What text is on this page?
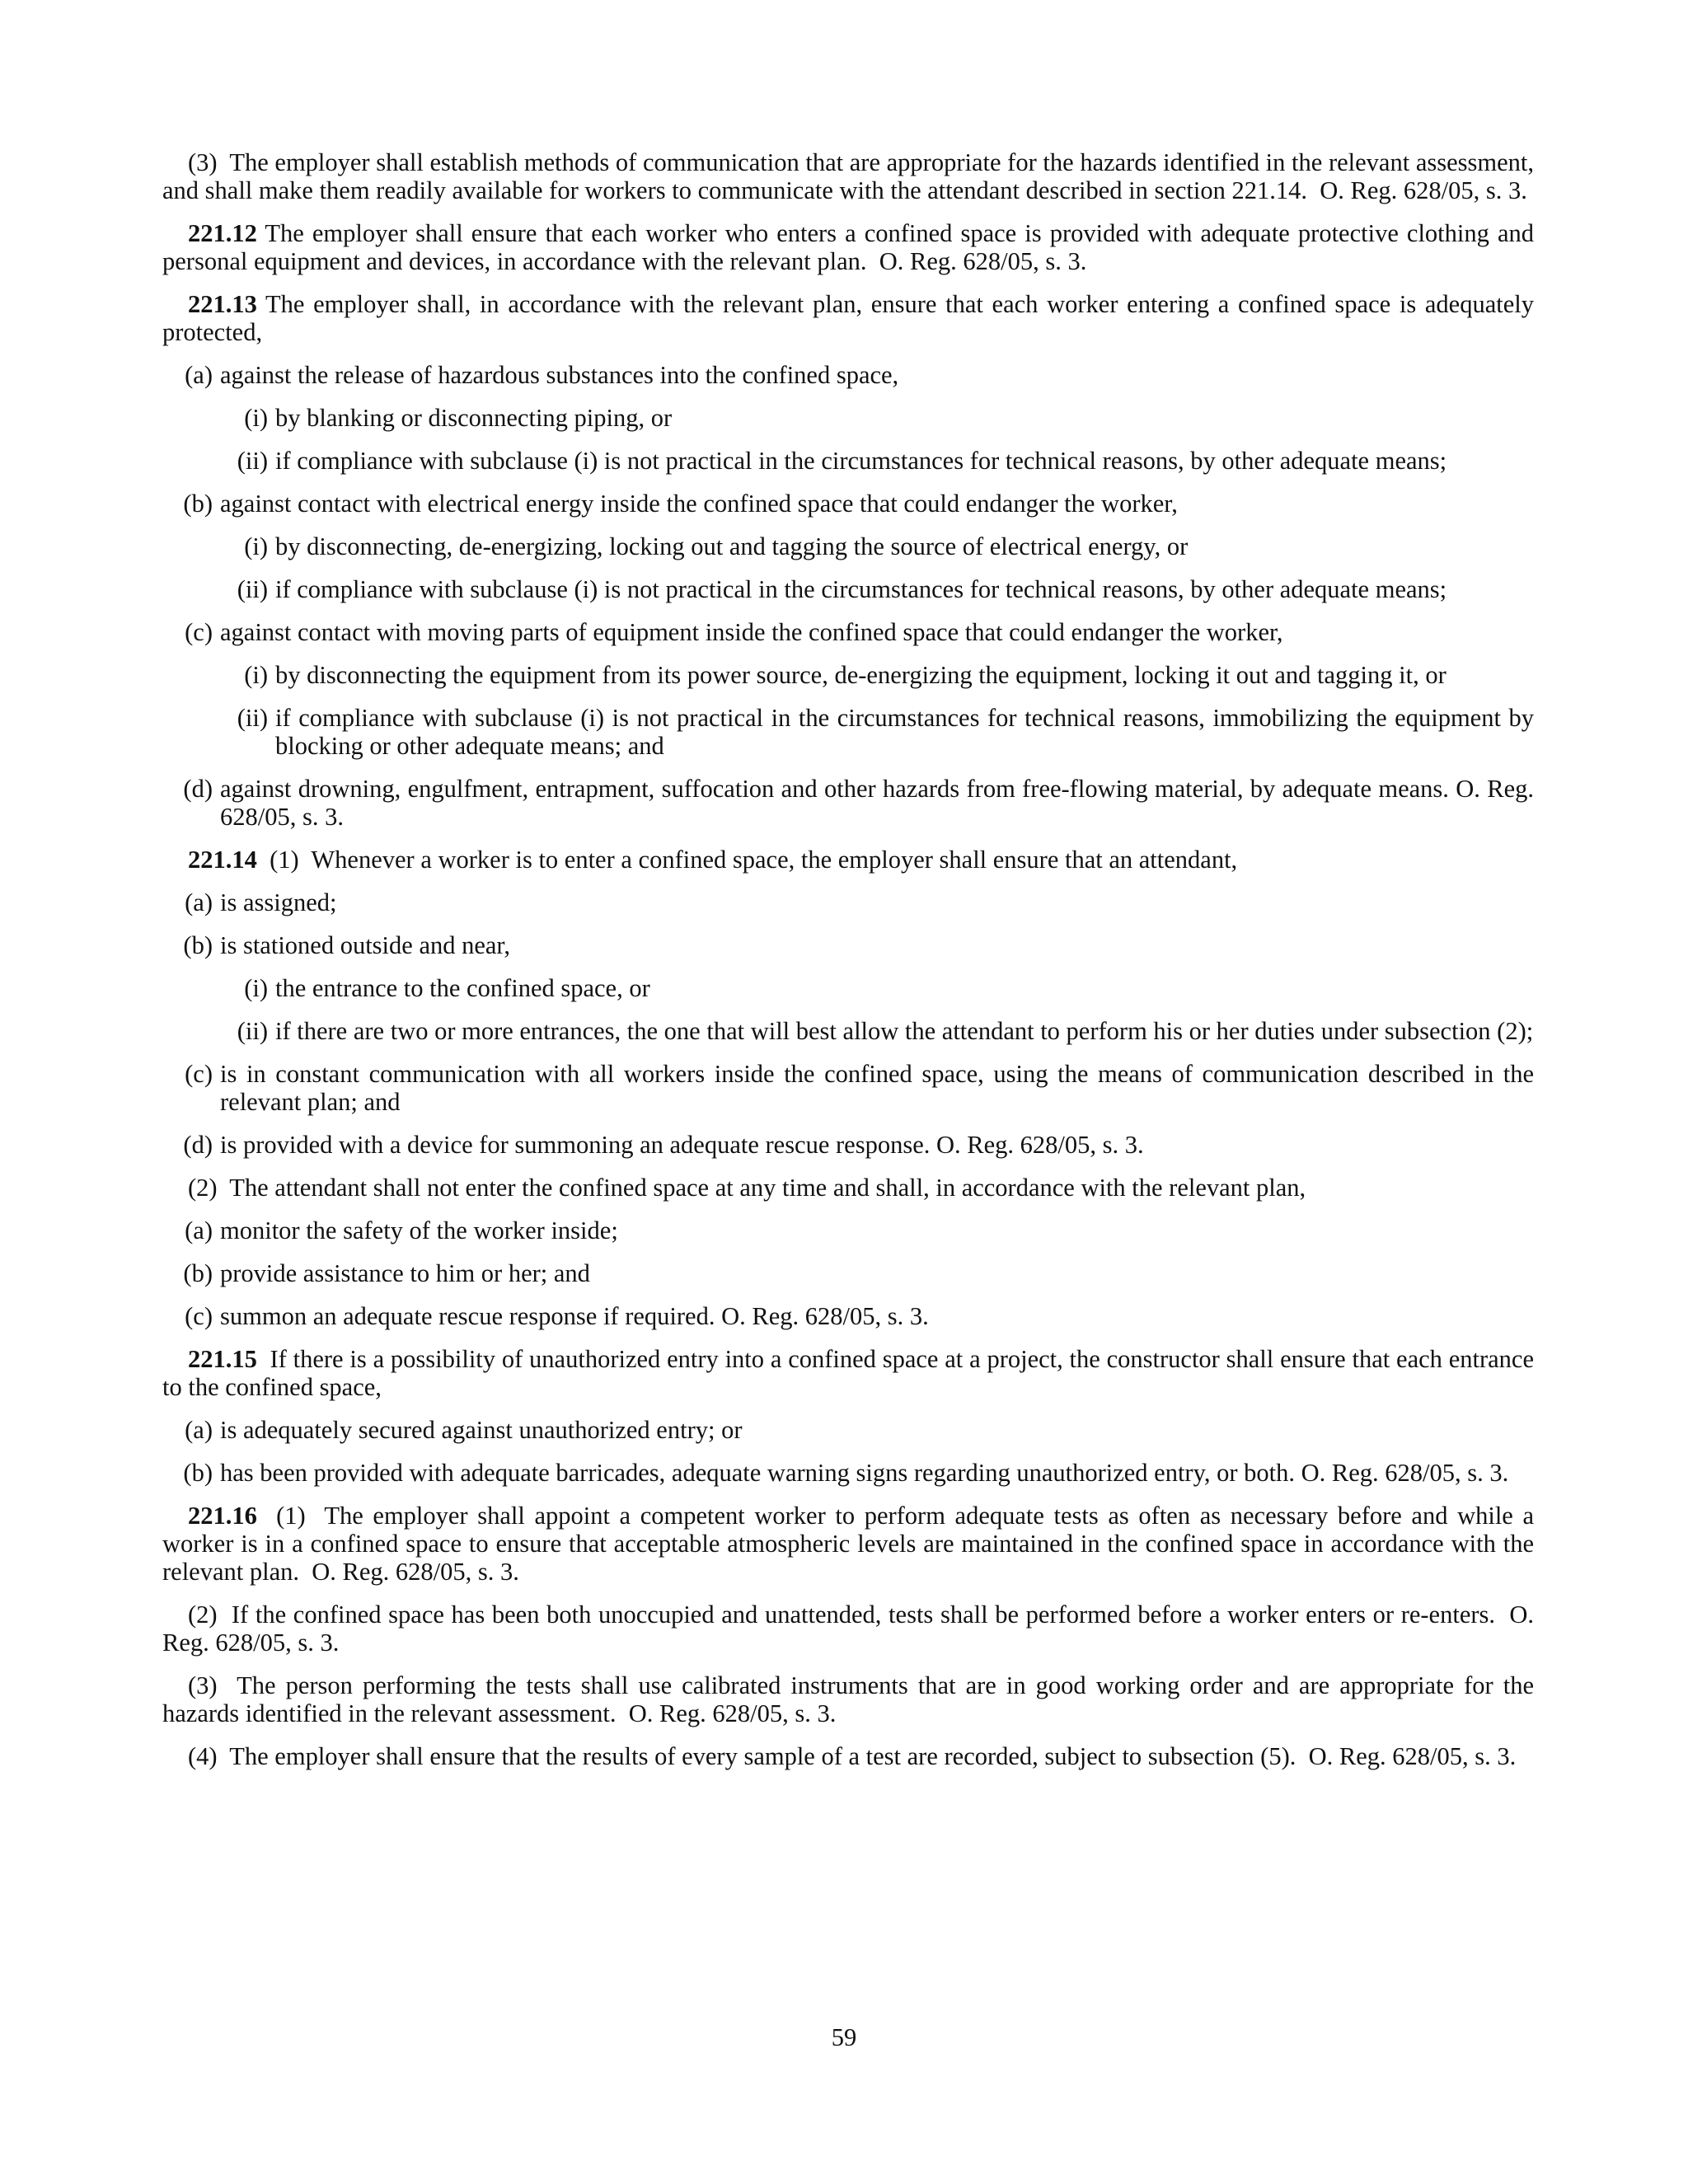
(3)  The employer shall establish methods of communication that are appropriate for the hazards identified in the relevant assessment, and shall make them readily available for workers to communicate with the attendant described in section 221.14.  O. Reg. 628/05, s. 3.

221.12 The employer shall ensure that each worker who enters a confined space is provided with adequate protective clothing and personal equipment and devices, in accordance with the relevant plan.  O. Reg. 628/05, s. 3.

221.13 The employer shall, in accordance with the relevant plan, ensure that each worker entering a confined space is adequately protected,

(a) against the release of hazardous substances into the confined space,
(i) by blanking or disconnecting piping, or
(ii) if compliance with subclause (i) is not practical in the circumstances for technical reasons, by other adequate means;
(b) against contact with electrical energy inside the confined space that could endanger the worker,
(i) by disconnecting, de-energizing, locking out and tagging the source of electrical energy, or
(ii) if compliance with subclause (i) is not practical in the circumstances for technical reasons, by other adequate means;
(c) against contact with moving parts of equipment inside the confined space that could endanger the worker,
(i) by disconnecting the equipment from its power source, de-energizing the equipment, locking it out and tagging it, or
(ii) if compliance with subclause (i) is not practical in the circumstances for technical reasons, immobilizing the equipment by blocking or other adequate means; and
(d) against drowning, engulfment, entrapment, suffocation and other hazards from free-flowing material, by adequate means. O. Reg. 628/05, s. 3.

221.14  (1)  Whenever a worker is to enter a confined space, the employer shall ensure that an attendant,

(a) is assigned;
(b) is stationed outside and near,
(i) the entrance to the confined space, or
(ii) if there are two or more entrances, the one that will best allow the attendant to perform his or her duties under subsection (2);
(c) is in constant communication with all workers inside the confined space, using the means of communication described in the relevant plan; and
(d) is provided with a device for summoning an adequate rescue response. O. Reg. 628/05, s. 3.

(2)  The attendant shall not enter the confined space at any time and shall, in accordance with the relevant plan,

(a) monitor the safety of the worker inside;
(b) provide assistance to him or her; and
(c) summon an adequate rescue response if required. O. Reg. 628/05, s. 3.

221.15  If there is a possibility of unauthorized entry into a confined space at a project, the constructor shall ensure that each entrance to the confined space,

(a) is adequately secured against unauthorized entry; or
(b) has been provided with adequate barricades, adequate warning signs regarding unauthorized entry, or both. O. Reg. 628/05, s. 3.

221.16  (1)  The employer shall appoint a competent worker to perform adequate tests as often as necessary before and while a worker is in a confined space to ensure that acceptable atmospheric levels are maintained in the confined space in accordance with the relevant plan.  O. Reg. 628/05, s. 3.

(2)  If the confined space has been both unoccupied and unattended, tests shall be performed before a worker enters or re-enters.  O. Reg. 628/05, s. 3.

(3)  The person performing the tests shall use calibrated instruments that are in good working order and are appropriate for the hazards identified in the relevant assessment.  O. Reg. 628/05, s. 3.

(4)  The employer shall ensure that the results of every sample of a test are recorded, subject to subsection (5).  O. Reg. 628/05, s. 3.

59
